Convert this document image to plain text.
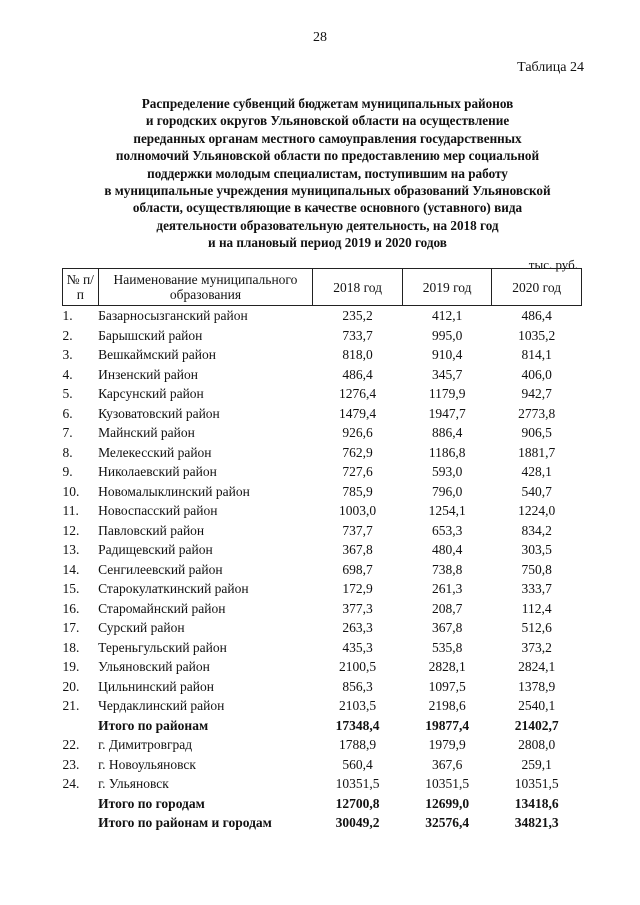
28
Таблица 24
Распределение субвенций бюджетам муниципальных районов
и городских округов Ульяновской области на осуществление
переданных органам местного самоуправления государственных
полномочий Ульяновской области по предоставлению мер социальной
поддержки молодым специалистам, поступившим на работу
в муниципальные учреждения муниципальных образований Ульяновской
области, осуществляющие в качестве основного (уставного) вида
деятельности образовательную деятельность, на 2018 год
и на плановый период 2019 и 2020 годов
тыс. руб.
№ п/п	Наименование муниципального образования	2018 год	2019 год	2020 год
1.	Базарносызганский район	235,2	412,1	486,4
2.	Барышский район	733,7	995,0	1035,2
3.	Вешкаймский район	818,0	910,4	814,1
4.	Инзенский район	486,4	345,7	406,0
5.	Карсунский район	1276,4	1179,9	942,7
6.	Кузоватовский район	1479,4	1947,7	2773,8
7.	Майнский район	926,6	886,4	906,5
8.	Мелекесский район	762,9	1186,8	1881,7
9.	Николаевский район	727,6	593,0	428,1
10.	Новомалыклинский район	785,9	796,0	540,7
11.	Новоспасский район	1003,0	1254,1	1224,0
12.	Павловский район	737,7	653,3	834,2
13.	Радищевский район	367,8	480,4	303,5
14.	Сенгилеевский район	698,7	738,8	750,8
15.	Старокулаткинский район	172,9	261,3	333,7
16.	Старомайнский район	377,3	208,7	112,4
17.	Сурский район	263,3	367,8	512,6
18.	Тереньгульский район	435,3	535,8	373,2
19.	Ульяновский район	2100,5	2828,1	2824,1
20.	Цильнинский район	856,3	1097,5	1378,9
21.	Чердаклинский район	2103,5	2198,6	2540,1
	Итого по районам	17348,4	19877,4	21402,7
22.	г. Димитровград	1788,9	1979,9	2808,0
23.	г. Новоульяновск	560,4	367,6	259,1
24.	г. Ульяновск	10351,5	10351,5	10351,5
	Итого по городам	12700,8	12699,0	13418,6
	Итого по районам и городам	30049,2	32576,4	34821,3
